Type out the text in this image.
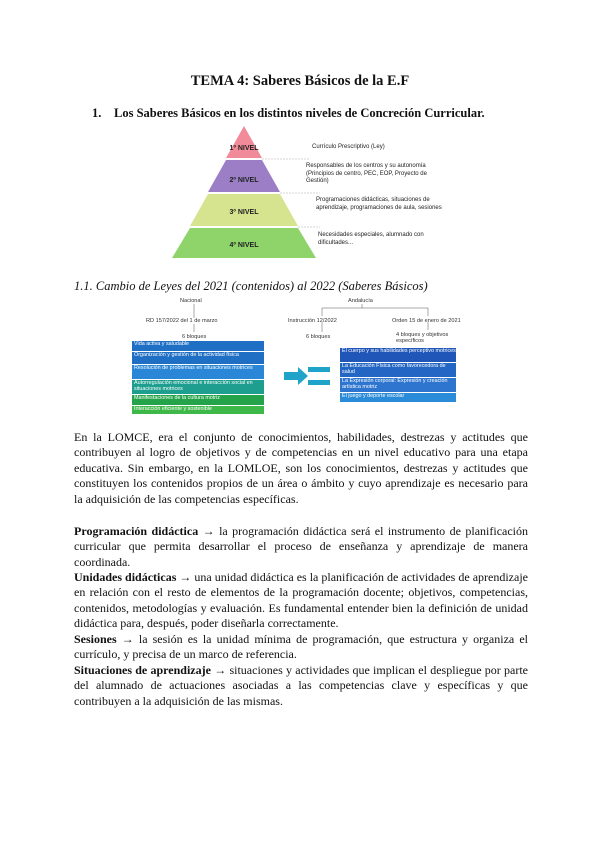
TEMA 4: Saberes Básicos de la E.F
1. Los Saberes Básicos en los distintos niveles de Concreción Curricular.
1º NIVEL
2º NIVEL
3º NIVEL
4º NIVEL
Currículo Prescriptivo (Ley)
Responsables de los centros y su autonomía (Principios de centro, PEC, EOP, Proyecto de Gestión)
Programaciones didácticas, situaciones de aprendizaje, programaciones de aula, sesiones
Necesidades especiales, alumnado con dificultades...
1.1. Cambio de Leyes del 2021 (contenidos) al 2022 (Saberes Básicos)
Nacional
RD 157/2022 del 1 de marzo
6 bloques
Vida activa y saludable
Organización y gestión de la actividad física
Resolución de problemas en situaciones motrices
Autorregulación emocional e interacción social en situaciones motrices
Manifestaciones de la cultura motriz
Interacción eficiente y sostenible
Andalucía
Instrucción 12/2022
6 bloques
Orden 15 de enero de 2021
4 bloques y objetivos específicos
El cuerpo y sus habilidades perceptivo motrices
La Educación Física como favorecedora de salud
La Expresión corporal: Expresión y creación artística motriz
El juego y deporte escolar
En la LOMCE, era el conjunto de conocimientos, habilidades, destrezas y actitudes que contribuyen al logro de objetivos y de competencias en un nivel educativo para una etapa educativa. Sin embargo, en la LOMLOE, son los conocimientos, destrezas y actitudes que constituyen los contenidos propios de un área o ámbito y cuyo aprendizaje es necesario para la adquisición de las competencias específicas.
Programación didáctica → la programación didáctica será el instrumento de planificación curricular que permita desarrollar el proceso de enseñanza y aprendizaje de manera coordinada.
Unidades didácticas → una unidad didáctica es la planificación de actividades de aprendizaje en relación con el resto de elementos de la programación docente; objetivos, competencias, contenidos, metodologías y evaluación. Es fundamental entender bien la definición de unidad didáctica para, después, poder diseñarla correctamente.
Sesiones → la sesión es la unidad mínima de programación, que estructura y organiza el currículo, y precisa de un marco de referencia.
Situaciones de aprendizaje → situaciones y actividades que implican el despliegue por parte del alumnado de actuaciones asociadas a las competencias clave y específicas y que contribuyen a la adquisición de las mismas.
